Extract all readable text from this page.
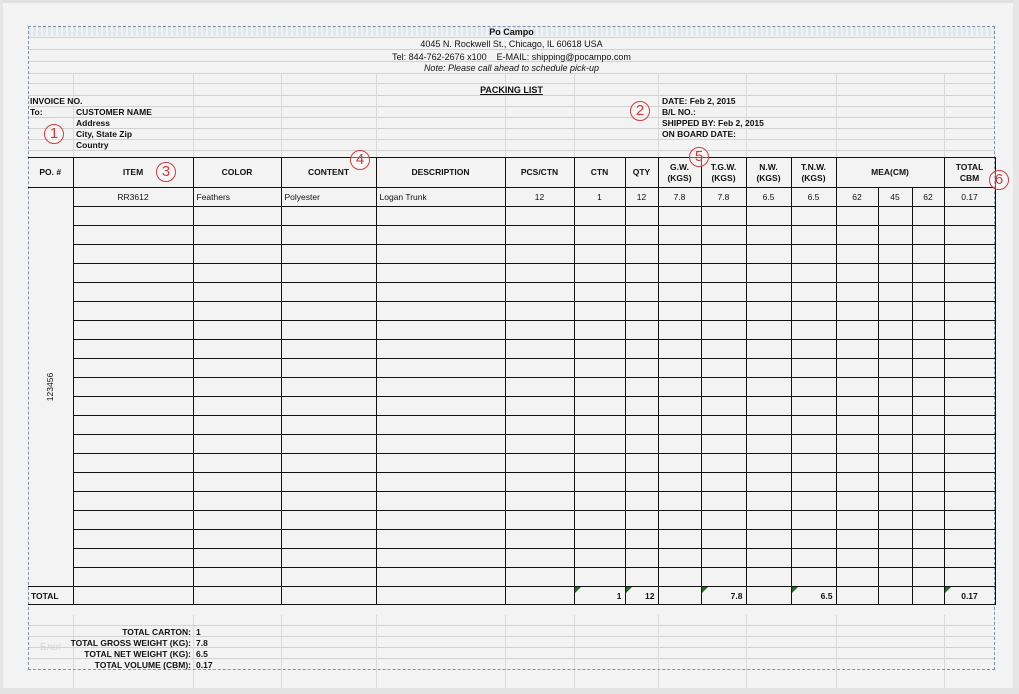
Po Campo
4045 N. Rockwell St., Chicago, IL 60618 USA
Tel: 844-762-2676 x100    E-MAIL: shipping@pocampo.com
Note: Please call ahead to schedule pick-up
PACKING LIST
INVOICE NO.
To:	CUSTOMER NAME
Address
City, State Zip
Country
DATE: Feb 2, 2015
B/L NO.:
SHIPPED BY: Feb 2, 2015
ON BOARD DATE:
PO. #	ITEM	COLOR	CONTENT	DESCRIPTION	PCS/CTN	CTN	QTY	G.W.
(KGS)	T.G.W.
(KGS)	N.W.
(KGS)	T.N.W.
(KGS)	MEA(CM)			TOTAL
CBM
123456	RR3612	Feathers	Polyester	Logan Trunk	12	1	12	7.8	7.8	6.5	6.5	62	45	62	0.17

TOTAL						1	12		7.8		6.5				0.17
TOTAL CARTON: 1
TOTAL GROSS WEIGHT (KG): 7.8
TOTAL NET WEIGHT (KG): 6.5
TOTAL VOLUME (CBM): 0.17
Блог
1
2
3
4	5
6
